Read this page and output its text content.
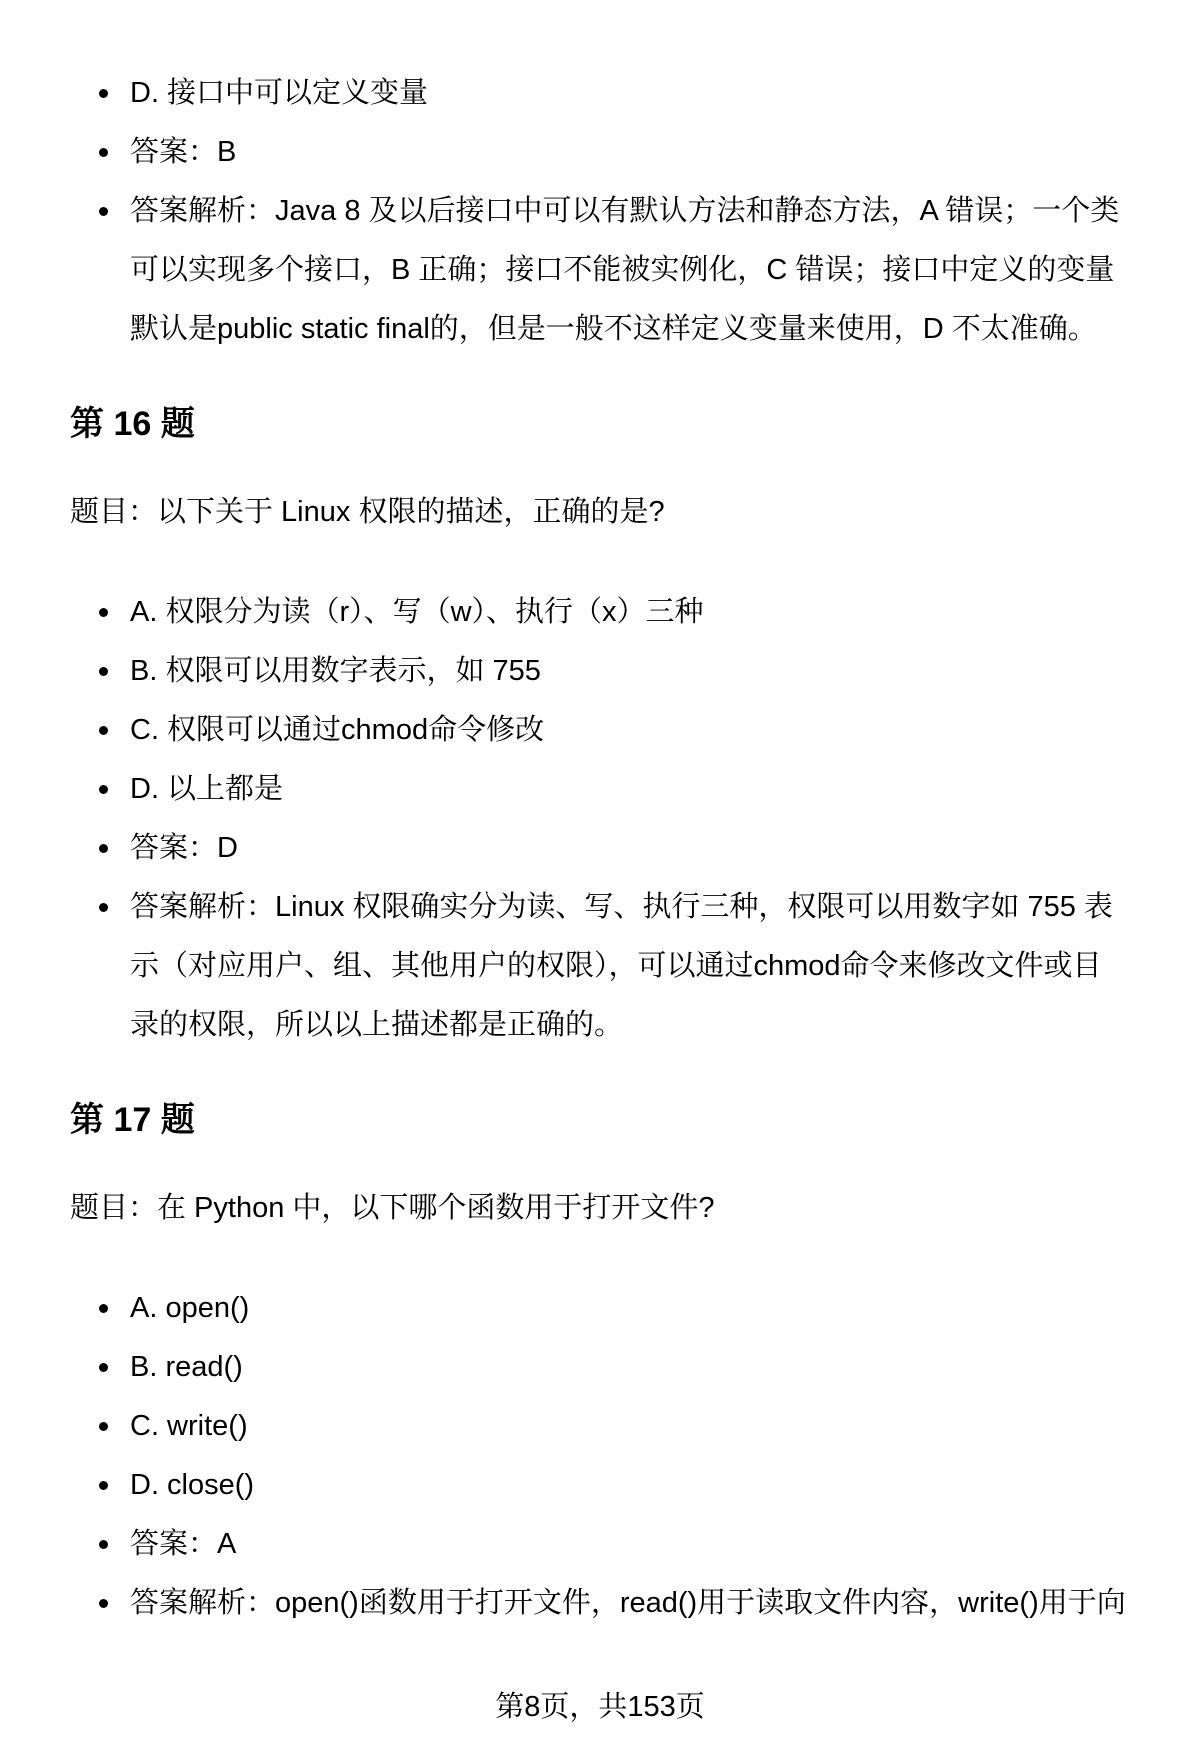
D. 接口中可以定义变量
答案：B
答案解析：Java 8 及以后接口中可以有默认方法和静态方法，A 错误；一个类
可以实现多个接口，B 正确；接口不能被实例化，C 错误；接口中定义的变量
默认是public static final的，但是一般不这样定义变量来使用，D 不太准确。
第 16 题

题目：以下关于 Linux 权限的描述，正确的是?

A. 权限分为读（r）、写（w）、执行（x）三种
B. 权限可以用数字表示，如 755
C. 权限可以通过chmod命令修改
D. 以上都是
答案：D
答案解析：Linux 权限确实分为读、写、执行三种，权限可以用数字如 755 表
示（对应用户、组、其他用户的权限），可以通过chmod命令来修改文件或目
录的权限，所以以上描述都是正确的。
第 17 题

题目：在 Python 中，以下哪个函数用于打开文件?

A. open()
B. read()
C. write()
D. close()
答案：A
答案解析：open()函数用于打开文件，read()用于读取文件内容，write()用于向
第8页，共153页
